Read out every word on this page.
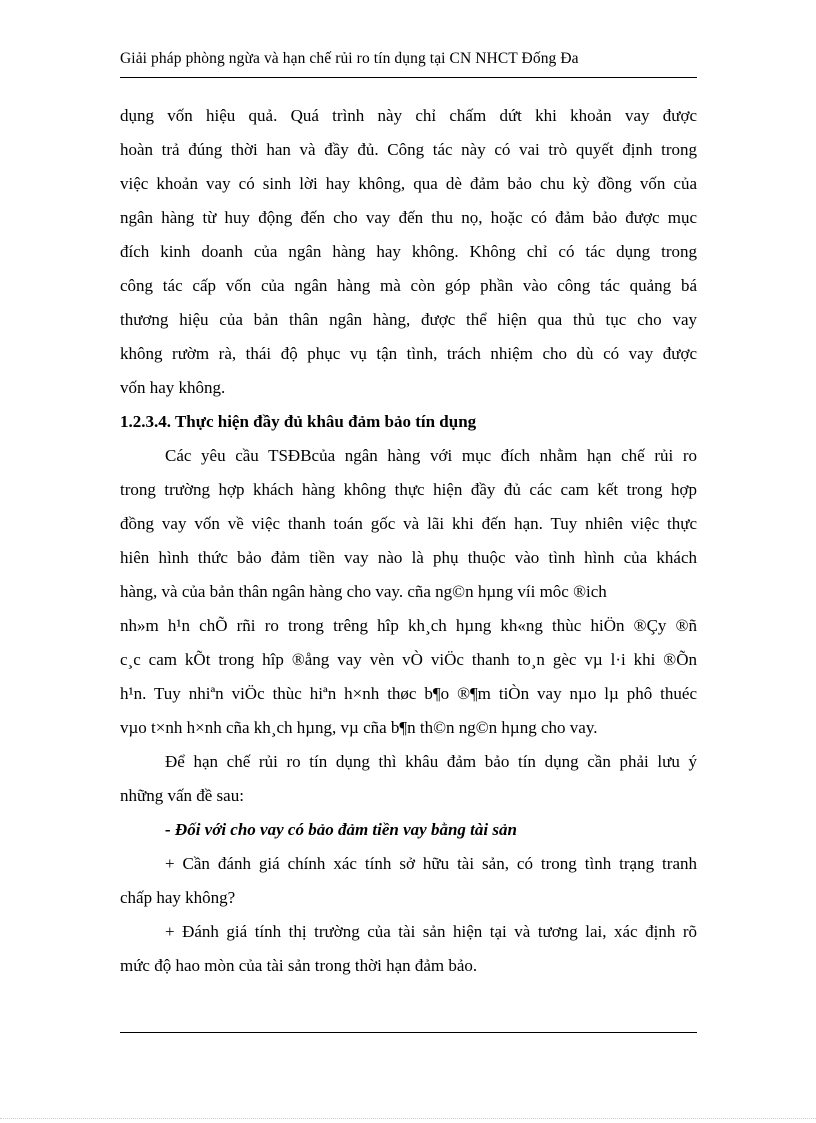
Giải pháp phòng ngừa và hạn chế rủi ro tín dụng tại CN NHCT Đống Đa
dụng vốn hiệu quả. Quá trình này chỉ chấm dứt khi khoản vay được
hoàn trả đúng thời han và đầy đủ. Công tác này có vai trò quyết định trong
việc khoản vay có sinh lời hay không, qua dè đảm bảo chu kỳ đồng vốn của
ngân hàng từ huy động đến cho vay đến thu nọ, hoặc có đảm bảo được mục
đích kinh doanh của ngân hàng hay không. Không chỉ có tác dụng trong
công tác cấp vốn của ngân hàng mà còn góp phần vào công tác quảng bá
thương hiệu của bản thân ngân hàng, được thể hiện qua thủ tục cho vay
không rườm rà, thái độ phục vụ tận tình, trách nhiệm cho dù có vay được
vốn hay không.
1.2.3.4. Thực hiện đầy đủ khâu đảm bảo tín dụng
Các yêu cầu TSĐBcủa ngân hàng với mục đích nhằm hạn chế rủi ro
trong trường hợp khách hàng không thực hiện đầy đủ các cam kết trong hợp
đồng vay vốn về việc thanh toán gốc và lãi khi đến hạn. Tuy nhiên việc thực
hiên hình thức bảo đảm tiền vay nào là phụ thuộc vào tình hình của khách
hàng, và của bản thân ngân hàng cho vay. cña ng©n hµng víi môc ®ich
nh»m h¹n chÕ rñi ro trong trêng hîp kh¸ch hµng kh«ng thùc hiÖn ®Çy ®ñ
c¸c cam kÕt trong hîp ®ång vay vèn vÒ viÖc thanh to¸n gèc vµ l·i khi ®Õn
h¹n. Tuy nhiªn viÖc thùc hiªn h×nh thøc b¶o ®¶m tiÒn vay nµo lµ phô thuéc
vµo t×nh h×nh cña kh¸ch hµng, vµ cña b¶n th©n ng©n hµng cho vay.
Để hạn chế rủi ro tín dụng thì khâu đảm bảo tín dụng cần phải lưu ý
những vấn đề sau:
- Đối với cho vay có bảo đảm tiền vay bằng tài sản
+ Cần đánh giá chính xác tính sở hữu tài sản, có trong tình trạng tranh
chấp hay không?
+ Đánh giá tính thị trường của tài sản hiện tại và tương lai, xác định rõ
mức độ hao mòn của tài sản trong thời hạn đảm bảo.
